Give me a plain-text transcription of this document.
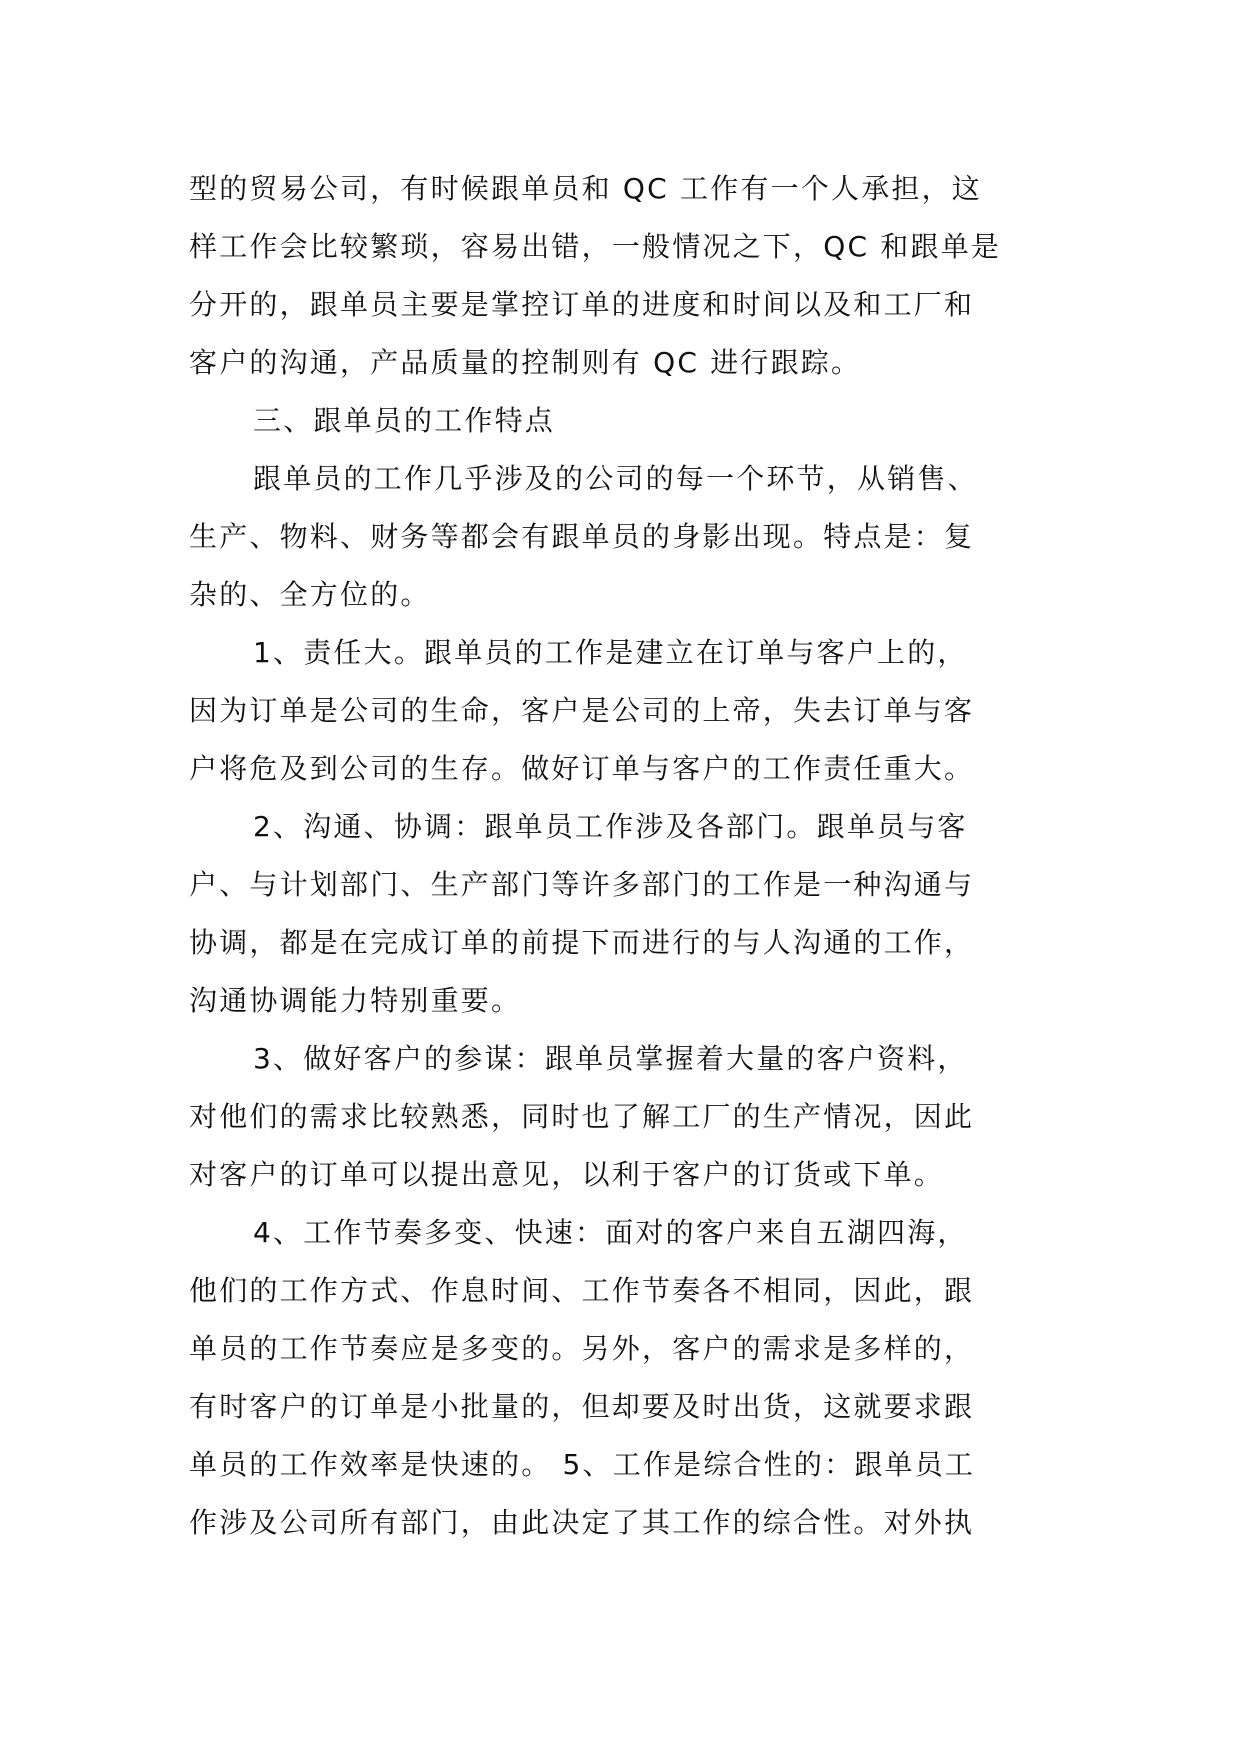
型的贸易公司，有时候跟单员和 QC 工作有一个人承担，这
样工作会比较繁琐，容易出错，一般情况之下，QC 和跟单是
分开的，跟单员主要是掌控订单的进度和时间以及和工厂和
客户的沟通，产品质量的控制则有 QC 进行跟踪。
三、跟单员的工作特点
跟单员的工作几乎涉及的公司的每一个环节，从销售、
生产、物料、财务等都会有跟单员的身影出现。特点是：复
杂的、全方位的。
1、责任大。跟单员的工作是建立在订单与客户上的，
因为订单是公司的生命，客户是公司的上帝，失去订单与客
户将危及到公司的生存。做好订单与客户的工作责任重大。
2、沟通、协调：跟单员工作涉及各部门。跟单员与客
户、与计划部门、生产部门等许多部门的工作是一种沟通与
协调，都是在完成订单的前提下而进行的与人沟通的工作，
沟通协调能力特别重要。
3、做好客户的参谋：跟单员掌握着大量的客户资料，
对他们的需求比较熟悉，同时也了解工厂的生产情况，因此
对客户的订单可以提出意见，以利于客户的订货或下单。
4、工作节奏多变、快速：面对的客户来自五湖四海，
他们的工作方式、作息时间、工作节奏各不相同，因此，跟
单员的工作节奏应是多变的。另外，客户的需求是多样的，
有时客户的订单是小批量的，但却要及时出货，这就要求跟
单员的工作效率是快速的。 5、工作是综合性的：跟单员工
作涉及公司所有部门，由此决定了其工作的综合性。对外执
